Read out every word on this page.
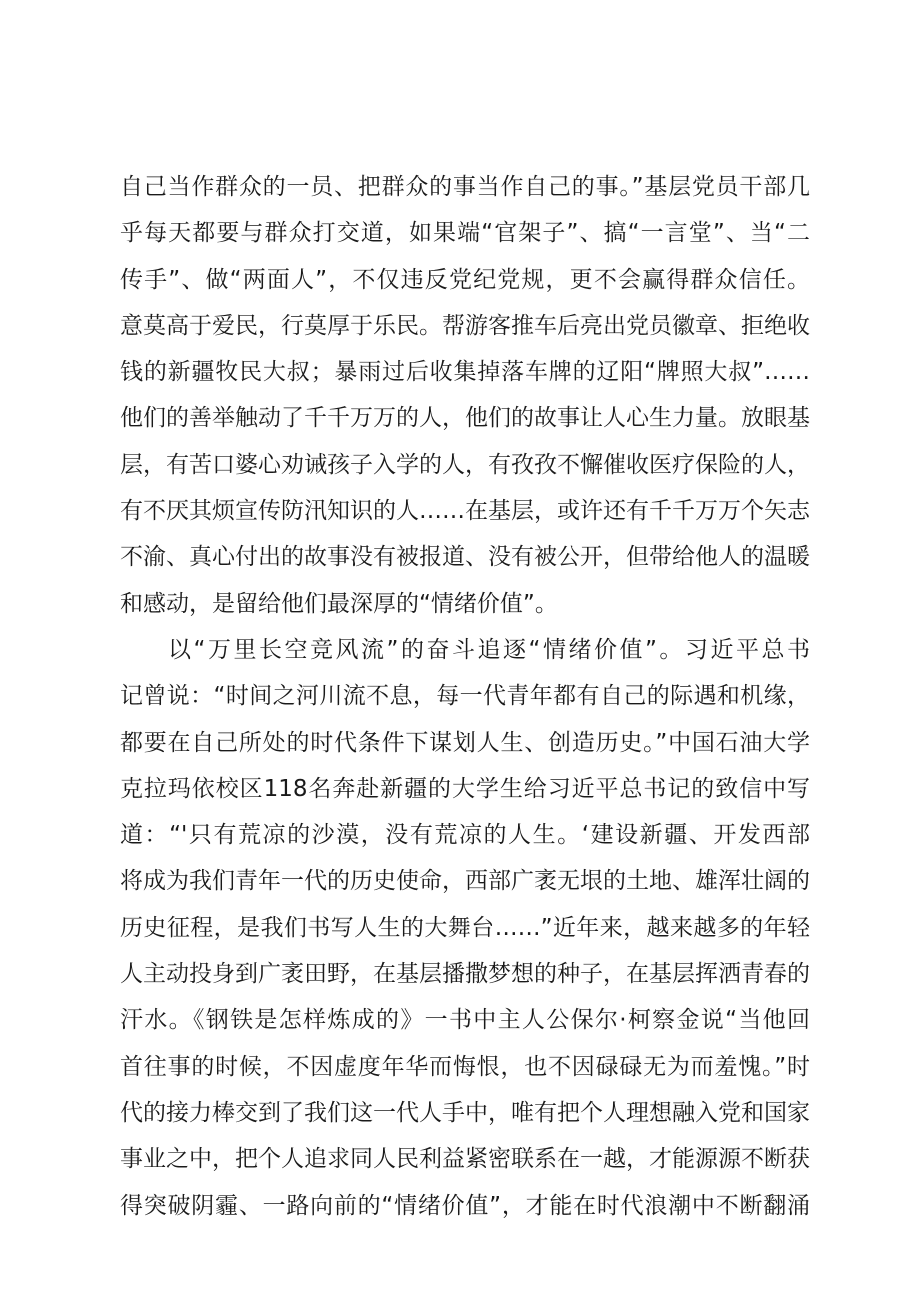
自己当作群众的一员、把群众的事当作自己的事。”基层党员干部几
乎每天都要与群众打交道，如果端“官架子”、搞“一言堂”、当“二
传手”、做“两面人”，不仅违反党纪党规，更不会赢得群众信任。
意莫高于爱民，行莫厚于乐民。帮游客推车后亮出党员徽章、拒绝收
钱的新疆牧民大叔；暴雨过后收集掉落车牌的辽阳“牌照大叔”……
他们的善举触动了千千万万的人，他们的故事让人心生力量。放眼基
层，有苦口婆心劝诫孩子入学的人，有孜孜不懈催收医疗保险的人，
有不厌其烦宣传防汛知识的人……在基层，或许还有千千万万个矢志
不渝、真心付出的故事没有被报道、没有被公开，但带给他人的温暖
和感动，是留给他们最深厚的“情绪价值”。
以“万里长空竞风流”的奋斗追逐“情绪价值”。习近平总书
记曾说：“时间之河川流不息，每一代青年都有自己的际遇和机缘，
都要在自己所处的时代条件下谋划人生、创造历史。”中国石油大学
克拉玛依校区118名奔赴新疆的大学生给习近平总书记的致信中写
道：“'只有荒凉的沙漠，没有荒凉的人生。‘建设新疆、开发西部
将成为我们青年一代的历史使命，西部广袤无垠的土地、雄浑壮阔的
历史征程，是我们书写人生的大舞台……”近年来，越来越多的年轻
人主动投身到广袤田野，在基层播撒梦想的种子，在基层挥洒青春的
汗水。《钢铁是怎样炼成的》一书中主人公保尔·柯察金说“当他回
首往事的时候，不因虚度年华而悔恨，也不因碌碌无为而羞愧。”时
代的接力棒交到了我们这一代人手中，唯有把个人理想融入党和国家
事业之中，把个人追求同人民利益紧密联系在一越，才能源源不断获
得突破阴霾、一路向前的“情绪价值”，才能在时代浪潮中不断翻涌
